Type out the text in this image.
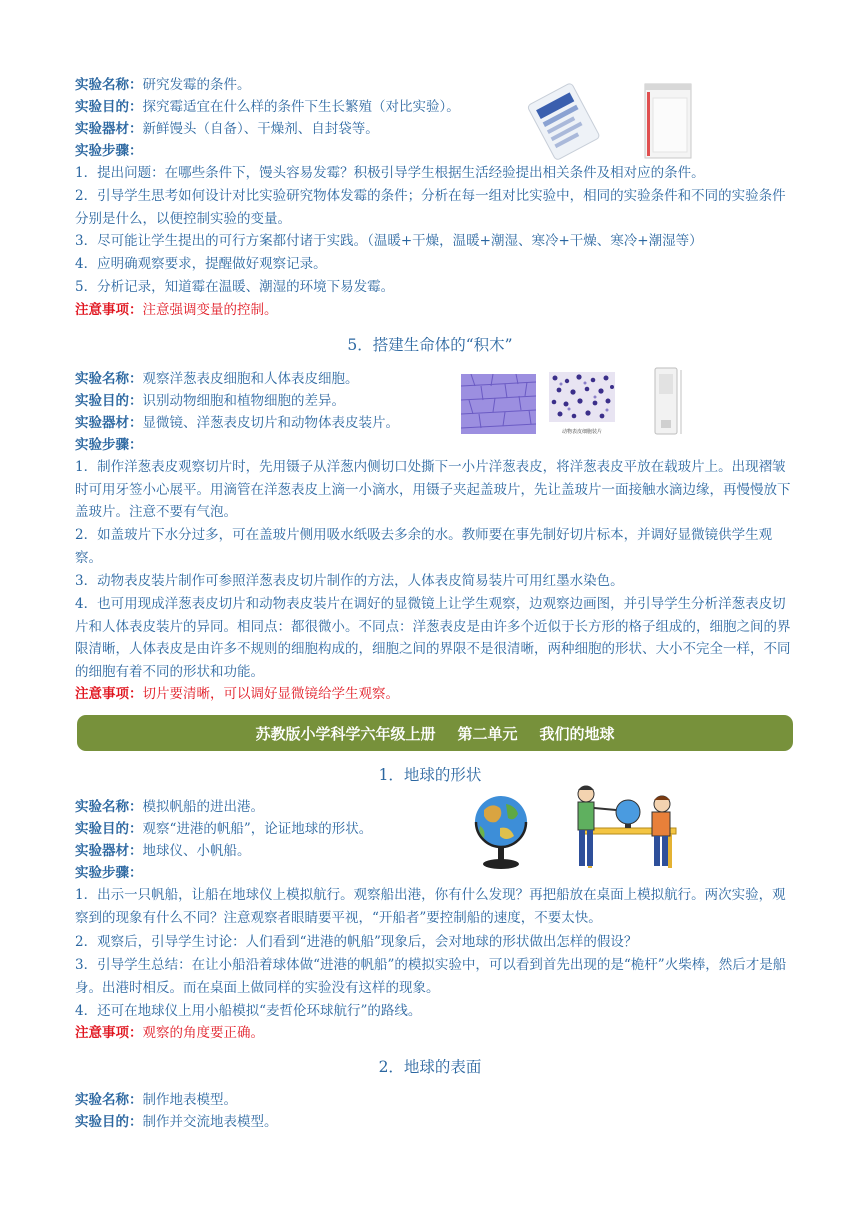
实验名称：研究发霉的条件。
实验目的：探究霉适宜在什么样的条件下生长繁殖（对比实验）。
实验器材：新鲜馒头（自备）、干燥剂、自封袋等。
实验步骤：
1．提出问题：在哪些条件下，馒头容易发霉？积极引导学生根据生活经验提出相关条件及相对应的条件。
2．引导学生思考如何设计对比实验研究物体发霉的条件；分析在每一组对比实验中，相同的实验条件和不同的实验条件分别是什么，以便控制实验的变量。
3．尽可能让学生提出的可行方案都付诸于实践。（温暖+干燥，温暖+潮湿、寒冷+干燥、寒冷+潮湿等）
4．应明确观察要求，提醒做好观察记录。
5．分析记录，知道霉在温暖、潮湿的环境下易发霉。
注意事项：注意强调变量的控制。
5．搭建生命体的“积木”
实验名称：观察洋葱表皮细胞和人体表皮细胞。
实验目的：识别动物细胞和植物细胞的差异。
实验器材：显微镜、洋葱表皮切片和动物体表皮装片。
实验步骤：
1．制作洋葱表皮观察切片时，先用镊子从洋葱内侧切口处撕下一小片洋葱表皮，将洋葱表皮平放在载玻片上。出现褶皱时可用牙签小心展平。用滴管在洋葱表皮上滴一小滴水，用镊子夹起盖玻片，先让盖玻片一面接触水滴边缘，再慢慢放下盖玻片。注意不要有气泡。
2．如盖玻片下水分过多，可在盖玻片侧用吸水纸吸去多余的水。教师要在事先制好切片标本，并调好显微镜供学生观察。
3．动物表皮装片制作可参照洋葱表皮切片制作的方法，人体表皮简易装片可用红墨水染色。
4．也可用现成洋葱表皮切片和动物表皮装片在调好的显微镜上让学生观察，边观察边画图，并引导学生分析洋葱表皮切片和人体表皮装片的异同。相同点：都很微小。不同点：洋葱表皮是由许多个近似于长方形的格子组成的，细胞之间的界限清晰，人体表皮是由许多不规则的细胞构成的，细胞之间的界限不是很清晰，两种细胞的形状、大小不完全一样，不同的细胞有着不同的形状和功能。
注意事项：切片要清晰，可以调好显微镜给学生观察。
动物表皮细胞装片
苏教版小学科学六年级上册 第二单元 我们的地球
1．地球的形状
实验名称：模拟帆船的进出港。
实验目的：观察“进港的帆船”，论证地球的形状。
实验器材：地球仪、小帆船。
实验步骤：
1．出示一只帆船，让船在地球仪上模拟航行。观察船出港，你有什么发现？再把船放在桌面上模拟航行。两次实验，观察到的现象有什么不同？注意观察者眼睛要平视，“开船者”要控制船的速度，不要太快。
2．观察后，引导学生讨论：人们看到“进港的帆船”现象后，会对地球的形状做出怎样的假设？
3．引导学生总结：在让小船沿着球体做“进港的帆船”的模拟实验中，可以看到首先出现的是“桅杆”火柴棒，然后才是船身。出港时相反。而在桌面上做同样的实验没有这样的现象。
4．还可在地球仪上用小船模拟“麦哲伦环球航行”的路线。
注意事项：观察的角度要正确。
2．地球的表面
实验名称：制作地表模型。
实验目的：制作并交流地表模型。
